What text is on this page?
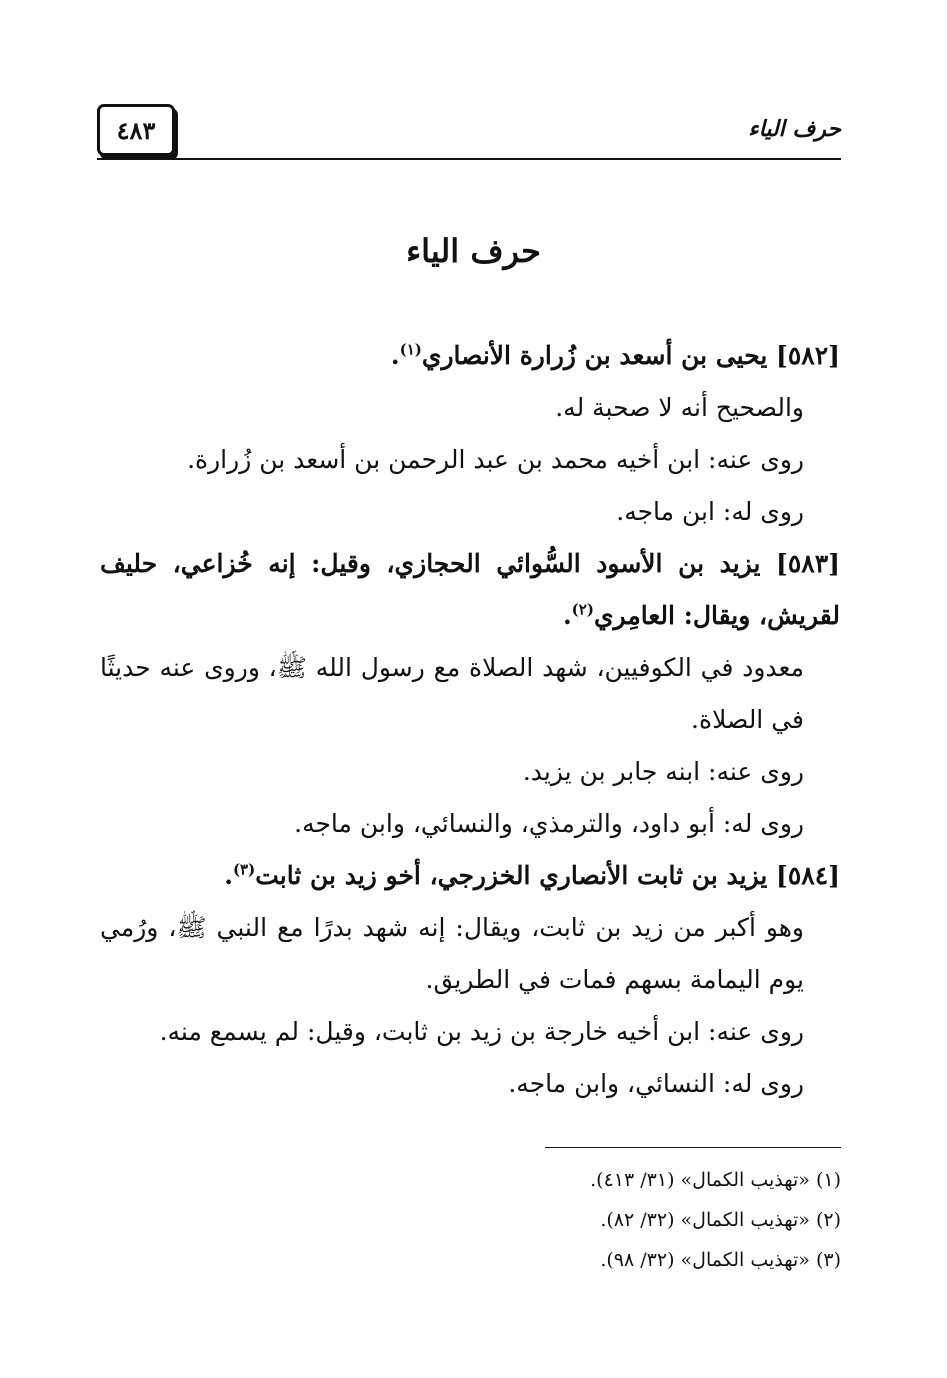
٤٨٣	حرف الياء
حرف الياء

[٥٨٢] يحيى بن أسعد بن زُرارة الأنصاري$^{(١)}$.

والصحيح أنه لا صحبة له.

روى عنه: ابن أخيه محمد بن عبد الرحمن بن أسعد بن زُرارة.

روى له: ابن ماجه.

[٥٨٣] يزيد بن الأسود السُّوائي الحجازي، وقيل: إنه خُزاعي، حليف لقريش، ويقال: العامِري$^{(٢)}$.

معدود في الكوفيين، شهد الصلاة مع رسول الله ﷺ، وروى عنه حديثًا في الصلاة.

روى عنه: ابنه جابر بن يزيد.

روى له: أبو داود، والترمذي، والنسائي، وابن ماجه.

[٥٨٤] يزيد بن ثابت الأنصاري الخزرجي، أخو زيد بن ثابت$^{(٣)}$.

وهو أكبر من زيد بن ثابت، ويقال: إنه شهد بدرًا مع النبي ﷺ، ورُمي يوم اليمامة بسهم فمات في الطريق.

روى عنه: ابن أخيه خارجة بن زيد بن ثابت، وقيل: لم يسمع منه.

روى له: النسائي، وابن ماجه.

(١) «تهذيب الكمال» (٣١/ ٤١٣).
(٢) «تهذيب الكمال» (٣٢/ ٨٢).
(٣) «تهذيب الكمال» (٣٢/ ٩٨).
